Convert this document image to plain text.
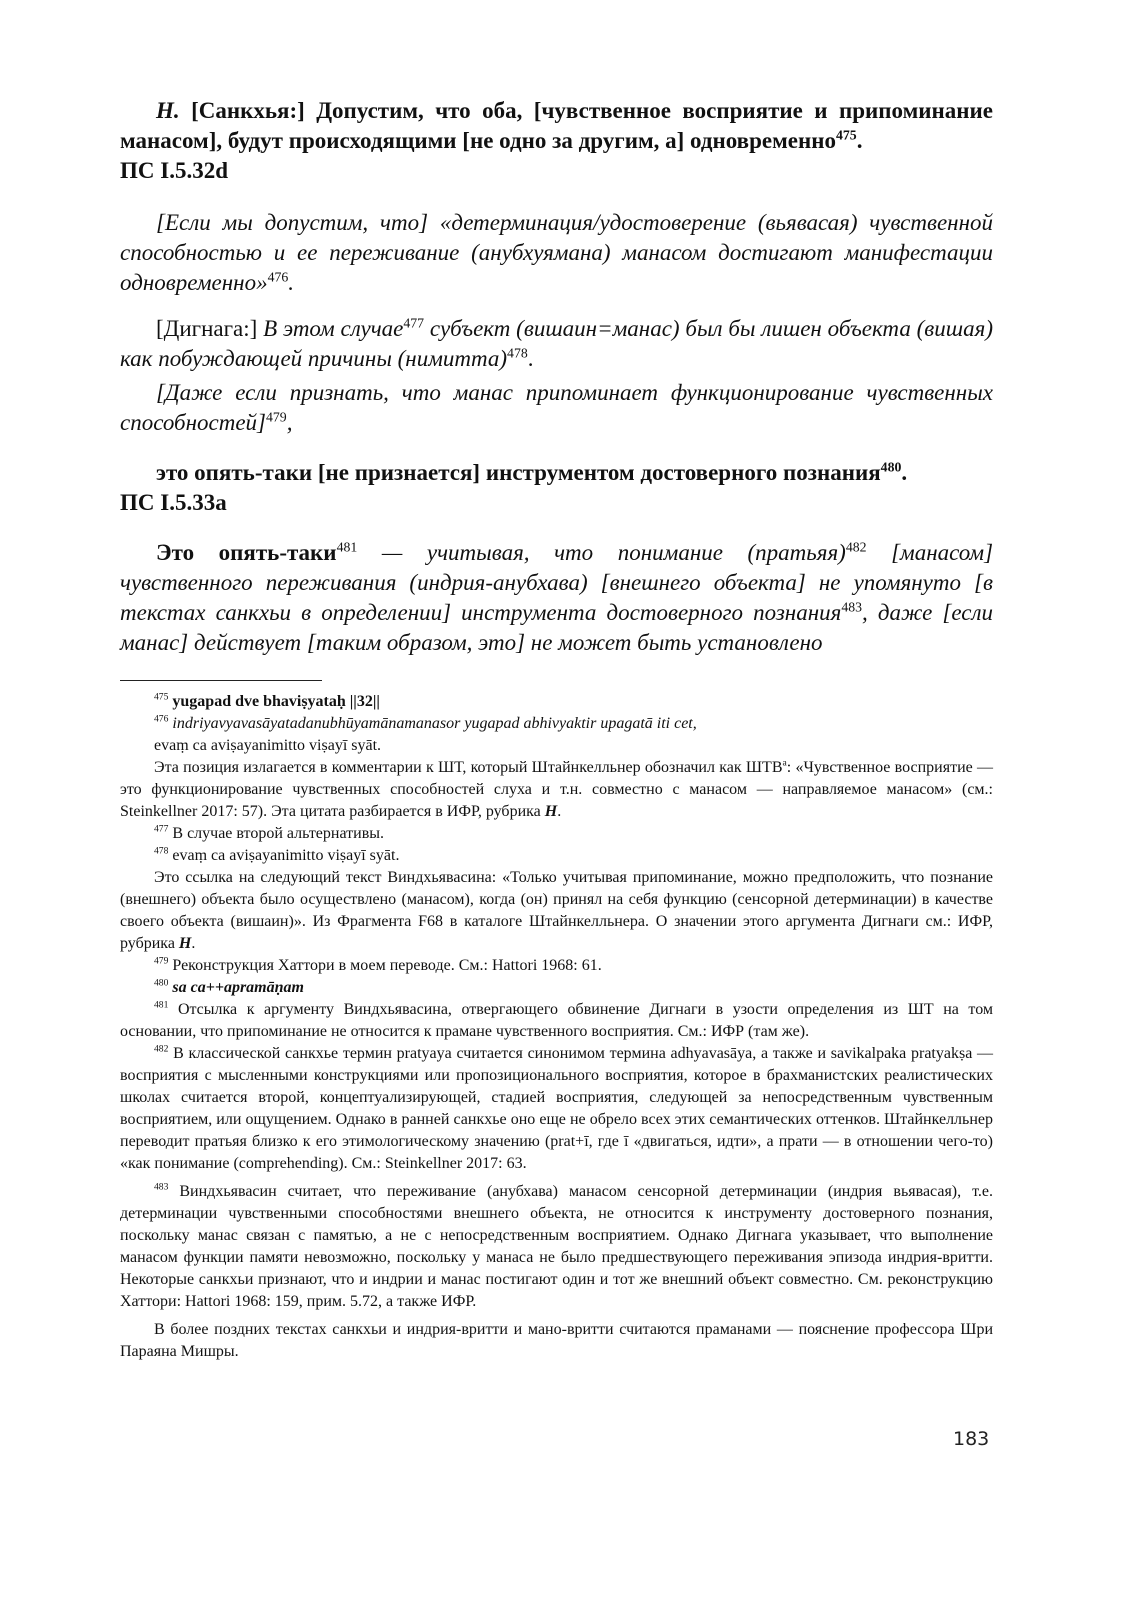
H. [Санкхья:] Допустим, что оба, [чувственное восприятие и припоминание манасом], будут происходящими [не одно за другим, а] одновременно$^{475}$.
ПС I.5.32d

[Если мы допустим, что] «детерминация/удостоверение (вьявасая) чувственной способностью и ее переживание (анубхуямана) манасом достигают манифестации одновременно»$^{476}$.

[Дигнага:] В этом случае$^{477}$ субъект (вишаин=манас) был бы лишен объекта (вишая) как побуждающей причины (нимитта)$^{478}$.

[Даже если признать, что манас припоминает функционирование чувственных способностей]$^{479}$,

это опять-таки [не признается] инструментом достоверного познания$^{480}$.
ПС I.5.33a

Это опять-таки$^{481}$ — учитывая, что понимание (пратьяя)$^{482}$ [манасом] чувственного переживания (индрия-анубхава) [внешнего объекта] не упомянуто [в текстах санкхьи в определении] инструмента достоверного познания$^{483}$, даже [если манас] действует [таким образом, это] не может быть установлено

$^{475}$ yugapad dve bhaviṣyataḥ ||32||

$^{476}$ indriyavyavasāyatadanubhūyamānamanasor yugapad abhivyaktir upagatā iti cet,

evaṃ ca aviṣayanimitto viṣayī syāt.

Эта позиция излагается в комментарии к ШТ, который Штайнкелльнер обозначил как ШТВ$^a$: «Чувственное восприятие — это функционирование чувственных способностей слуха и т.н. совместно с манасом — направляемое манасом» (см.: Steinkellner 2017: 57). Эта цитата разбирается в ИФР, рубрика H.

$^{477}$ В случае второй альтернативы.

$^{478}$ evaṃ ca aviṣayanimitto viṣayī syāt.

Это ссылка на следующий текст Виндхьявасина: «Только учитывая припоминание, можно предположить, что познание (внешнего) объекта было осуществлено (манасом), когда (он) принял на себя функцию (сенсорной детерминации) в качестве своего объекта (вишаин)». Из Фрагмента F68 в каталоге Штайнкелльнера. О значении этого аргумента Дигнаги см.: ИФР, рубрика H.

$^{479}$ Реконструкция Хаттори в моем переводе. См.: Hattori 1968: 61.

$^{480}$ sa ca++apramāṇam

$^{481}$ Отсылка к аргументу Виндхьявасина, отвергающего обвинение Дигнаги в узости определения из ШТ на том основании, что припоминание не относится к прамане чувственного восприятия. См.: ИФР (там же).

$^{482}$ В классической санкхье термин pratyaya считается синонимом термина adhyavasāya, а также и savikalpaka pratyakṣa — восприятия с мысленными конструкциями или пропозиционального восприятия, которое в брахманистских реалистических школах считается второй, концептуализирующей, стадией восприятия, следующей за непосредственным чувственным восприятием, или ощущением. Однако в ранней санкхье оно еще не обрело всех этих семантических оттенков. Штайнкелльнер переводит пратьяя близко к его этимологическому значению (prat+ī, где ī «двигаться, идти», а прати — в отношении чего-то) «как понимание (comprehending). См.: Steinkellner 2017: 63.

$^{483}$ Виндхьявасин считает, что переживание (анубхава) манасом сенсорной детерминации (индрия вьявасая), т.е. детерминации чувственными способностями внешнего объекта, не относится к инструменту достоверного познания, поскольку манас связан с памятью, а не с непосредственным восприятием. Однако Дигнага указывает, что выполнение манасом функции памяти невозможно, поскольку у манаса не было предшествующего переживания эпизода индрия-вритти. Некоторые санкхьи признают, что и индрии и манас постигают один и тот же внешний объект совместно. См. реконструкцию Хаттори: Hattori 1968: 159, прим. 5.72, а также ИФР.

В более поздних текстах санкхьи и индрия-вритти и мано-вритти считаются праманами — пояснение профессора Шри Параяна Мишры.

183
